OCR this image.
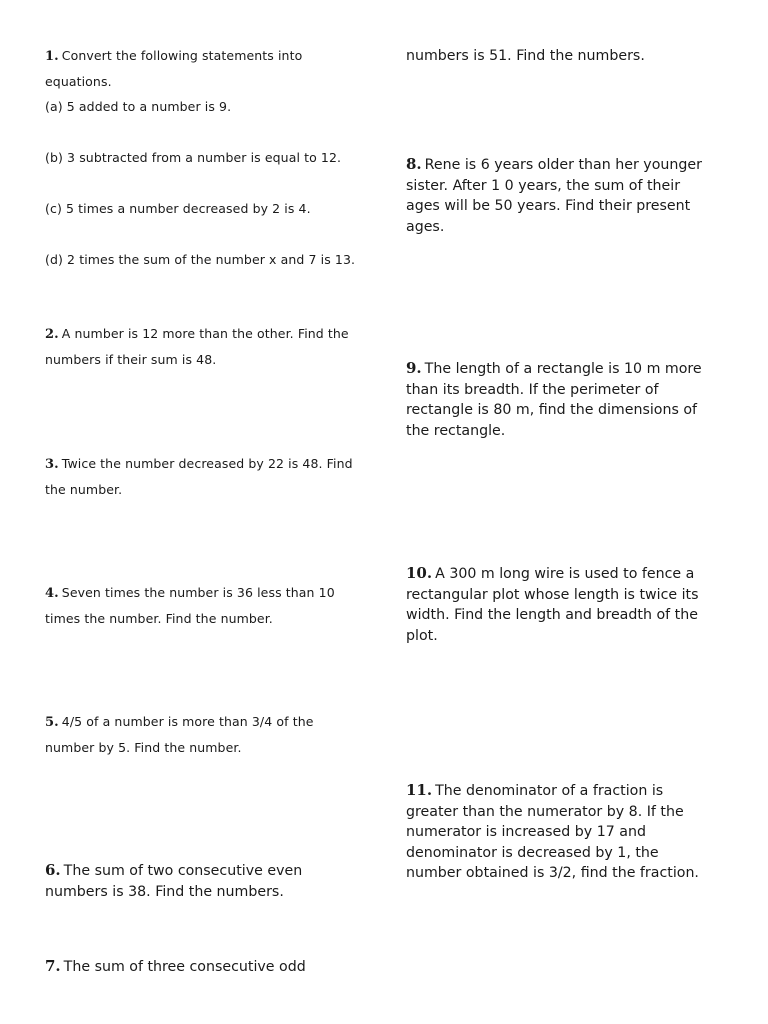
1. Convert the following statements into equations.
(a) 5 added to a number is 9.
(b) 3 subtracted from a number is equal to 12.
(c) 5 times a number decreased by 2 is 4.
(d) 2 times the sum of the number x and 7 is 13.
2. A number is 12 more than the other. Find the numbers if their sum is 48.
3. Twice the number decreased by 22 is 48. Find the number.
4. Seven times the number is 36 less than 10 times the number. Find the number.
5. 4/5 of a number is more than 3/4 of the number by 5. Find the number.
6. The sum of two consecutive even numbers is 38. Find the numbers.
7. The sum of three consecutive odd
numbers is 51. Find the numbers.
8. Rene is 6 years older than her younger sister. After 1 0 years, the sum of their ages will be 50 years. Find their present ages.
9. The length of a rectangle is 10 m more than its breadth. If the perimeter of rectangle is 80 m, find the dimensions of the rectangle.
10. A 300 m long wire is used to fence a rectangular plot whose length is twice its width. Find the length and breadth of the plot.
11. The denominator of a fraction is greater than the numerator by 8. If the numerator is increased by 17 and denominator is decreased by 1, the number obtained is 3/2, find the fraction.
